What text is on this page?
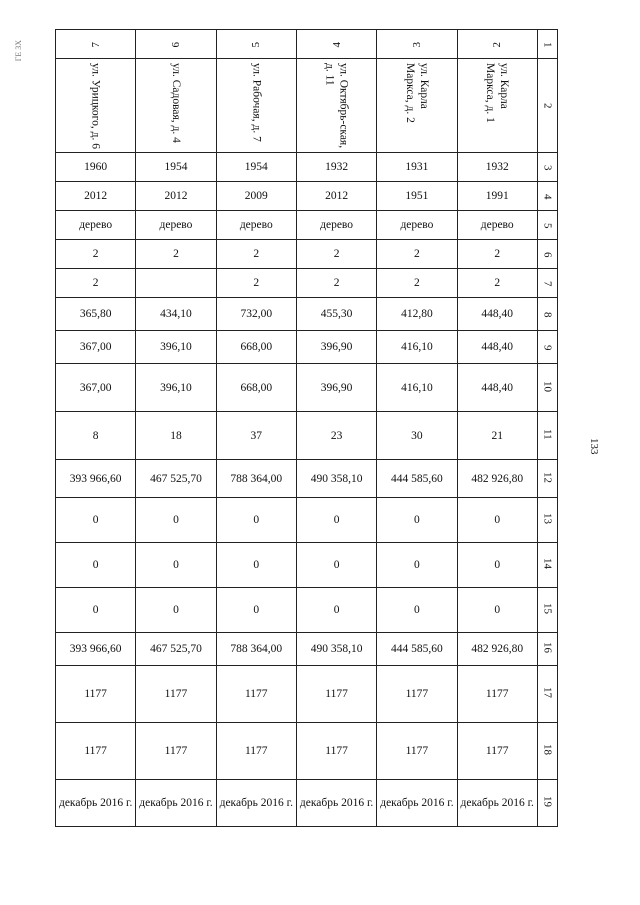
ГЕ ЗХ
133
7	6	5	4	3	2	1
ул. Урицкого, д. 6	ул. Садовая, д. 4	ул. Рабочая, д. 7	ул. Октябрь-ская, д. 11	ул. Карла Маркса, д. 2	ул. Карла Маркса, д. 1	2
1960	1954	1954	1932	1931	1932	3
2012	2012	2009	2012	1951	1991	4
дерево	дерево	дерево	дерево	дерево	дерево	5
2	2	2	2	2	2	6
2		2	2	2	2	7
365,80	434,10	732,00	455,30	412,80	448,40	8
367,00	396,10	668,00	396,90	416,10	448,40	9
367,00	396,10	668,00	396,90	416,10	448,40	10
8	18	37	23	30	21	11
393 966,60	467 525,70	788 364,00	490 358,10	444 585,60	482 926,80	12
0	0	0	0	0	0	13
0	0	0	0	0	0	14
0	0	0	0	0	0	15
393 966,60	467 525,70	788 364,00	490 358,10	444 585,60	482 926,80	16
1177	1177	1177	1177	1177	1177	17
1177	1177	1177	1177	1177	1177	18
декабрь 2016 г.	декабрь 2016 г.	декабрь 2016 г.	декабрь 2016 г.	декабрь 2016 г.	декабрь 2016 г.	19
